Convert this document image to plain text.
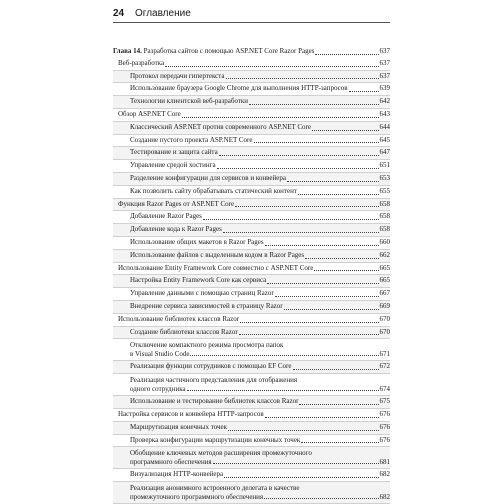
24 Оглавление
Глава 14. Разработка сайтов с помощью ASP.NET Core Razor Pages	637
Веб-разработка	637
Протокол передачи гипертекста	637
Использование браузера Google Chrome для выполнения HTTP-запросов	639
Технологии клиентской веб-разработки	642
Обзор ASP.NET Core	643
Классический ASP.NET против современного ASP.NET Core	644
Создание пустого проекта ASP.NET Core	645
Тестирование и защита сайта	647
Управление средой хостинга	651
Разделение конфигурации для сервисов и конвейера	653
Как позволить сайту обрабатывать статический контент	655
Функция Razor Pages от ASP.NET Core	658
Добавление Razor Pages	658
Добавление кода к Razor Pages	658
Использование общих макетов в Razor Pages	660
Использование файлов с выделенным кодом в Razor Pages	662
Использование Entity Framework Core совместно с ASP.NET Core	665
Настройка Entity Framework Core как сервиса	665
Управление данными с помощью страниц Razor	667
Внедрение сервиса зависимостей в страницу Razor	669
Использование библиотек классов Razor	670
Создание библиотеки классов Razor	670
Отключение компактного режима просмотра папок
в Visual Studio Code	671
Реализация функции сотрудников с помощью EF Core	672
Реализация частичного представления для отображения
одного сотрудника	674
Использование и тестирование библиотек классов Razor	675
Настройка сервисов и конвейера HTTP-запросов	676
Маршрутизация конечных точек	676
Проверка конфигурации маршрутизации конечных точек	676
Обобщение ключевых методов расширения промежуточного
программного обеспечения	681
Визуализация HTTP-конвейера	682
Реализация анонимного встроенного делегата в качестве
промежуточного программного обеспечения	682
